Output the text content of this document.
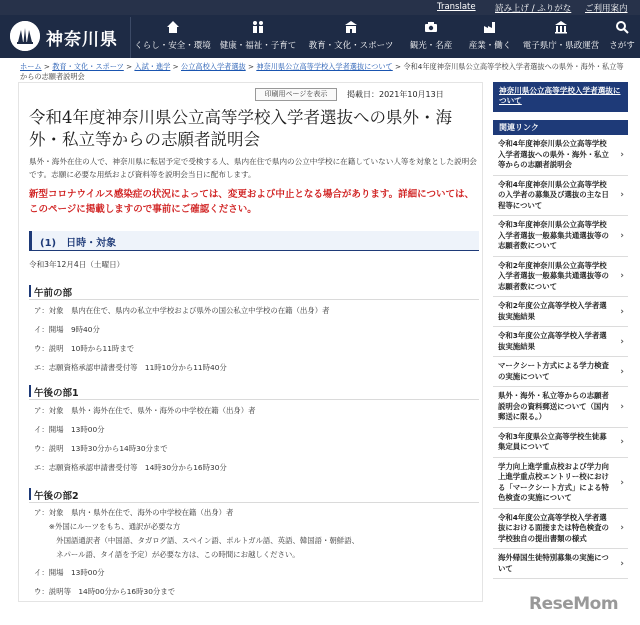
Translate 読み上げ / ふりがな ご利用案内
神奈川県	くらし・安全・環境	健康・福祉・子育て	教育・文化・スポーツ	観光・名産	産業・働く	電子県庁・県政運営	さがす
ホーム > 教育・文化・スポーツ > 入試・進学 > 公立高校入学者選抜 > 神奈川県公立高等学校入学者選抜について > 令和4年度神奈川県公立高等学校入学者選抜への県外・海外・私立等からの志願者説明会
印刷用ページを表示	掲載日：2021年10月13日
令和4年度神奈川県公立高等学校入学者選抜への県外・海外・私立等からの志願者説明会

県外・海外在住の人で、神奈川県に転居予定で受検する人、県内在住で県内の公立中学校に在籍していない人等を対象とした説明会です。志願に必要な用紙および資料等を説明会当日に配布します。

新型コロナウイルス感染症の状況によっては、変更および中止となる場合があります。詳細については、このページに掲載しますので事前にご確認ください。

(1)　日時・対象
令和3年12月4日（土曜日）
午前の部
ア：対象　県内在住で、県内の私立中学校および県外の国公私立中学校の在籍（出身）者
イ：開場　9時40分
ウ：説明　10時から11時まで
エ：志願資格承認申請書受付等　11時10分から11時40分
午後の部1
ア：対象　県外・海外在住で、県外・海外の中学校在籍（出身）者
イ：開場　13時00分
ウ：説明　13時30分から14時30分まで
エ：志願資格承認申請書受付等　14時30分から16時30分
午後の部2
ア：対象　県内・県外在住で、海外の中学校在籍（出身）者
　　※外国にルーツをもち、通訳が必要な方
　　　外国語通訳者（中国語、タガログ語、スペイン語、ポルトガル語、英語、韓国語・朝鮮語、
　　　ネパール語、タイ語を予定）が必要な方は、この時間にお越しください。
イ：開場　13時00分
ウ：説明等　14時00分から16時30分まで
神奈川県公立高等学校入学者選抜について
関連リンク
令和4年度神奈川県公立高等学校入学者選抜への県外・海外・私立等からの志願者説明会
›
令和4年度神奈川県公立高等学校の入学者の募集及び選抜の主な日程等について
›
令和3年度神奈川県公立高等学校入学者選抜一般募集共通選抜等の志願者数について
›
令和2年度神奈川県公立高等学校入学者選抜一般募集共通選抜等の志願者数について
›
令和2年度公立高等学校入学者選抜実施結果	›
令和3年度公立高等学校入学者選抜実施結果	›
マークシート方式による学力検査の実施について	›
県外・海外・私立等からの志願者説明会の資料郵送について（国内郵送に限る。）
›
令和3年度県公立高等学校生徒募集定員について	›
学力向上進学重点校および学力向上進学重点校エントリー校における「マークシート方式」による特色検査の実施について
›
令和4年度公立高等学校入学者選抜における面接または特色検査の学校独自の提出書類の様式
›
海外帰国生徒特別募集の実施について	›
ReseMom
